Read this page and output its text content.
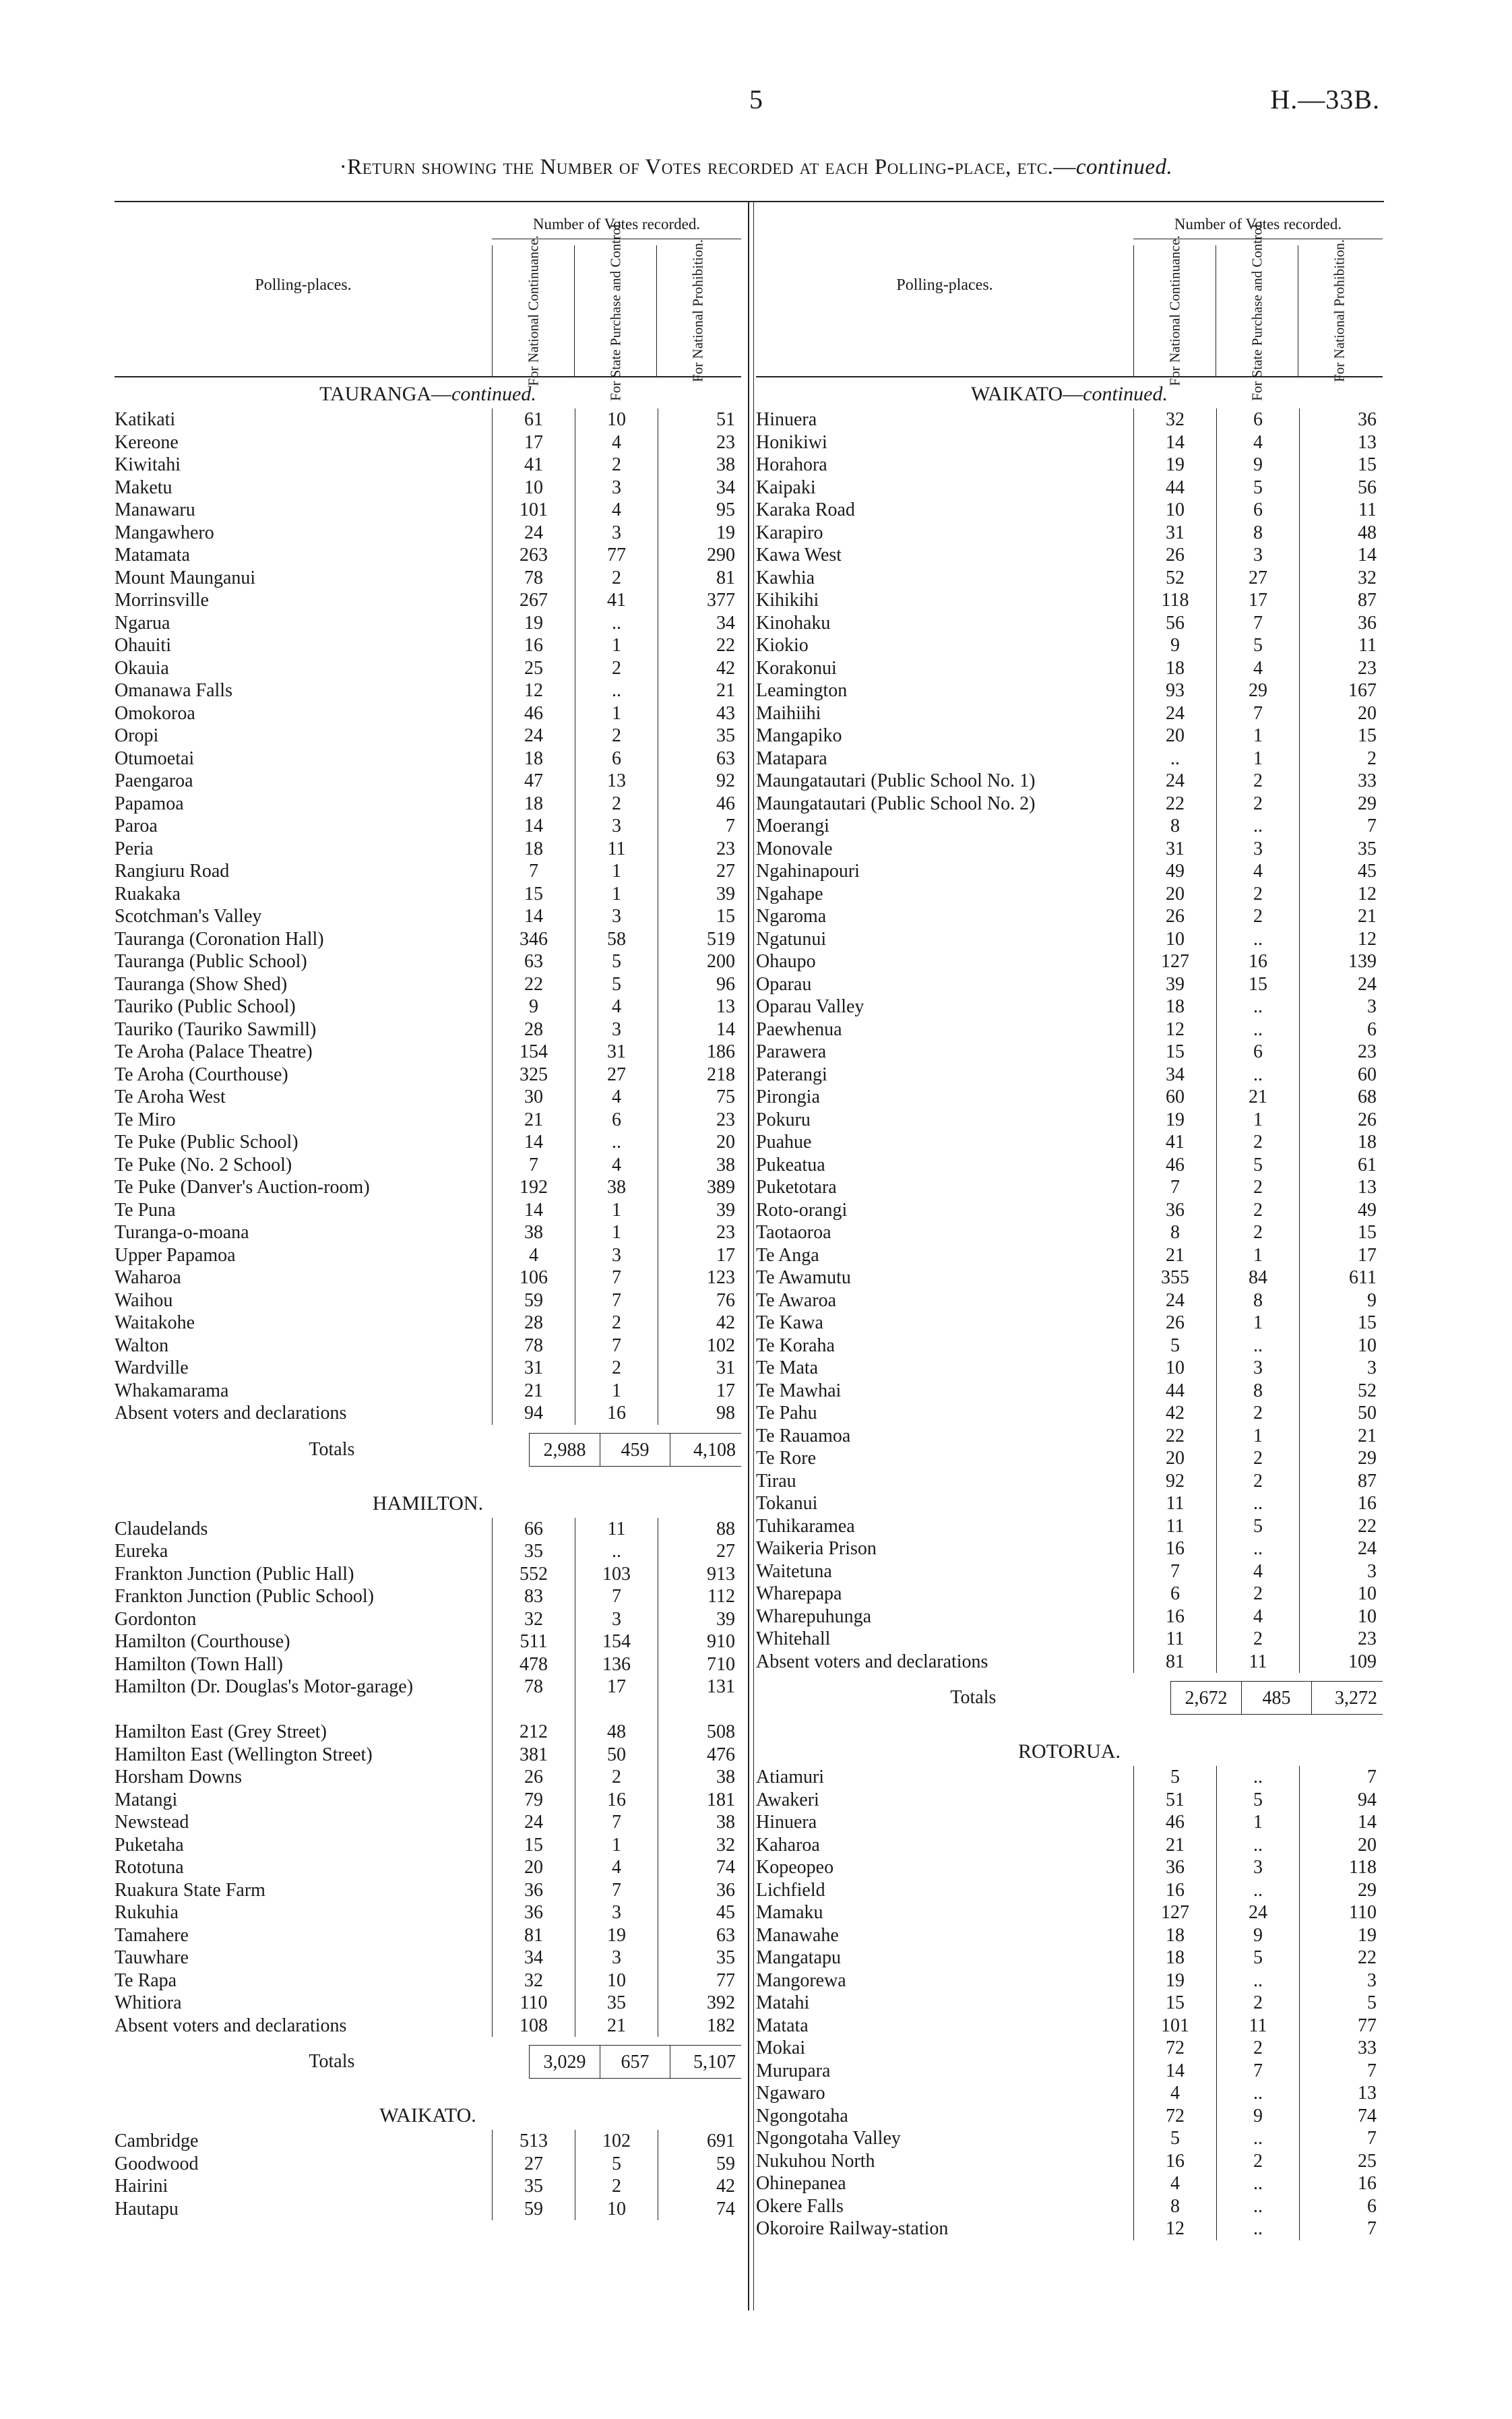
5	H.—33B.
·Return showing the Number of Votes recorded at each Polling-place, etc.—continued.
Polling-places.
Number of Votes recorded.
For National Continuance.	For State Purchase and Control.	For National Prohibition.
TAURANGA—continued.
Katikati	61	10	51
Kereone	17	4	23
Kiwitahi	41	2	38
Maketu	10	3	34
Manawaru	101	4	95
Mangawhero	24	3	19
Matamata	263	77	290
Mount Maunganui	78	2	81
Morrinsville	267	41	377
Ngarua	19	..	34
Ohauiti	16	1	22
Okauia	25	2	42
Omanawa Falls	12	..	21
Omokoroa	46	1	43
Oropi	24	2	35
Otumoetai	18	6	63
Paengaroa	47	13	92
Papamoa	18	2	46
Paroa	14	3	7
Peria	18	11	23
Rangiuru Road	7	1	27
Ruakaka	15	1	39
Scotchman's Valley	14	3	15
Tauranga (Coronation Hall)	346	58	519
Tauranga (Public School)	63	5	200
Tauranga (Show Shed)	22	5	96
Tauriko (Public School)	9	4	13
Tauriko (Tauriko Sawmill)	28	3	14
Te Aroha (Palace Theatre)	154	31	186
Te Aroha (Courthouse)	325	27	218
Te Aroha West	30	4	75
Te Miro	21	6	23
Te Puke (Public School)	14	..	20
Te Puke (No. 2 School)	7	4	38
Te Puke (Danver's Auction-room)	192	38	389
Te Puna	14	1	39
Turanga-o-moana	38	1	23
Upper Papamoa	4	3	17
Waharoa	106	7	123
Waihou	59	7	76
Waitakohe	28	2	42
Walton	78	7	102
Wardville	31	2	31
Whakamarama	21	1	17
Absent voters and declarations	94	16	98
Totals	2,988	459	4,108
HAMILTON.
Claudelands	66	11	88
Eureka	35	..	27
Frankton Junction (Public Hall)	552	103	913
Frankton Junction (Public School)	83	7	112
Gordonton	32	3	39
Hamilton (Courthouse)	511	154	910
Hamilton (Town Hall)	478	136	710
Hamilton (Dr. Douglas's Motor-garage)	78	17	131
Hamilton East (Grey Street)	212	48	508
Hamilton East (Wellington Street)	381	50	476
Horsham Downs	26	2	38
Matangi	79	16	181
Newstead	24	7	38
Puketaha	15	1	32
Rototuna	20	4	74
Ruakura State Farm	36	7	36
Rukuhia	36	3	45
Tamahere	81	19	63
Tauwhare	34	3	35
Te Rapa	32	10	77
Whitiora	110	35	392
Absent voters and declarations	108	21	182
Totals	3,029	657	5,107
WAIKATO.
Cambridge	513	102	691
Goodwood	27	5	59
Hairini	35	2	42
Hautapu	59	10	74
Polling-places.
Number of Votes recorded.
For National Continuance.	For State Purchase and Control.	For National Prohibition.
WAIKATO—continued.
Hinuera	32	6	36
Honikiwi	14	4	13
Horahora	19	9	15
Kaipaki	44	5	56
Karaka Road	10	6	11
Karapiro	31	8	48
Kawa West	26	3	14
Kawhia	52	27	32
Kihikihi	118	17	87
Kinohaku	56	7	36
Kiokio	9	5	11
Korakonui	18	4	23
Leamington	93	29	167
Maihiihi	24	7	20
Mangapiko	20	1	15
Matapara	..	1	2
Maungatautari (Public School No. 1)	24	2	33
Maungatautari (Public School No. 2)	22	2	29
Moerangi	8	..	7
Monovale	31	3	35
Ngahinapouri	49	4	45
Ngahape	20	2	12
Ngaroma	26	2	21
Ngatunui	10	..	12
Ohaupo	127	16	139
Oparau	39	15	24
Oparau Valley	18	..	3
Paewhenua	12	..	6
Parawera	15	6	23
Paterangi	34	..	60
Pirongia	60	21	68
Pokuru	19	1	26
Puahue	41	2	18
Pukeatua	46	5	61
Puketotara	7	2	13
Roto-orangi	36	2	49
Taotaoroa	8	2	15
Te Anga	21	1	17
Te Awamutu	355	84	611
Te Awaroa	24	8	9
Te Kawa	26	1	15
Te Koraha	5	..	10
Te Mata	10	3	3
Te Mawhai	44	8	52
Te Pahu	42	2	50
Te Rauamoa	22	1	21
Te Rore	20	2	29
Tirau	92	2	87
Tokanui	11	..	16
Tuhikaramea	11	5	22
Waikeria Prison	16	..	24
Waitetuna	7	4	3
Wharepapa	6	2	10
Wharepuhunga	16	4	10
Whitehall	11	2	23
Absent voters and declarations	81	11	109
Totals	2,672	485	3,272
ROTORUA.
Atiamuri	5	..	7
Awakeri	51	5	94
Hinuera	46	1	14
Kaharoa	21	..	20
Kopeopeo	36	3	118
Lichfield	16	..	29
Mamaku	127	24	110
Manawahe	18	9	19
Mangatapu	18	5	22
Mangorewa	19	..	3
Matahi	15	2	5
Matata	101	11	77
Mokai	72	2	33
Murupara	14	7	7
Ngawaro	4	..	13
Ngongotaha	72	9	74
Ngongotaha Valley	5	..	7
Nukuhou North	16	2	25
Ohinepanea	4	..	16
Okere Falls	8	..	6
Okoroire Railway-station	12	..	7
